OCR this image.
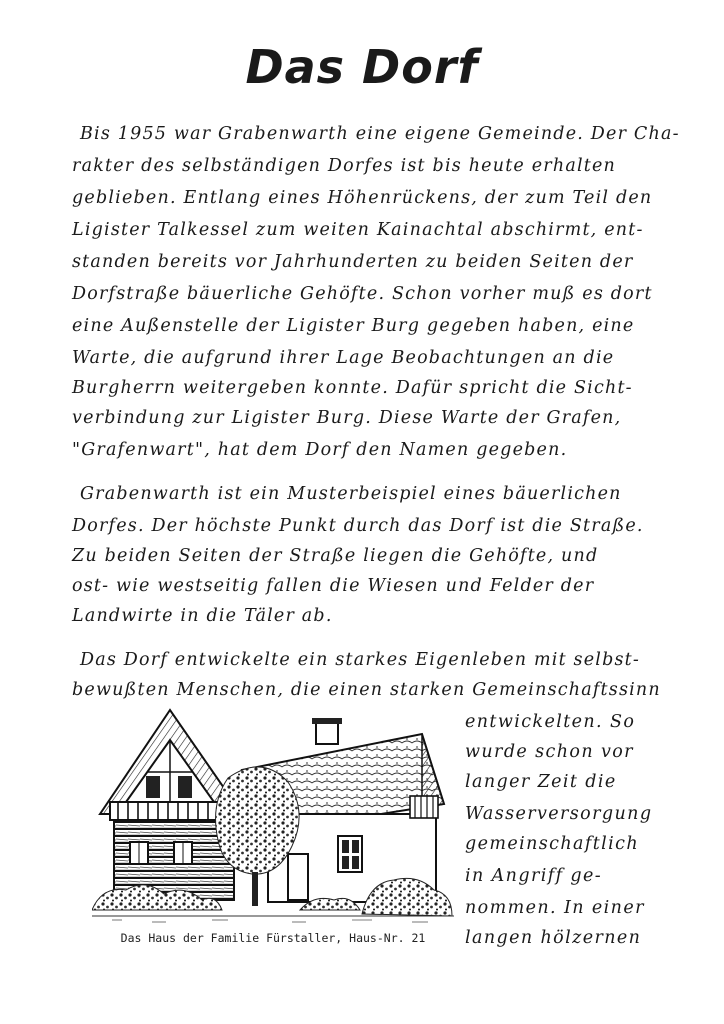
Das Dorf
Bis 1955 war Grabenwarth eine eigene Gemeinde. Der Cha-
rakter des selbständigen Dorfes ist bis heute erhalten
geblieben. Entlang eines Höhenrückens, der zum Teil den
Ligister Talkessel zum weiten Kainachtal abschirmt, ent-
standen bereits vor Jahrhunderten zu beiden Seiten der
Dorfstraße bäuerliche Gehöfte. Schon vorher muß es dort
eine Außenstelle der Ligister Burg gegeben haben, eine
Warte, die aufgrund ihrer Lage Beobachtungen an die
Burgherrn weitergeben konnte. Dafür spricht die Sicht-
verbindung zur Ligister Burg. Diese Warte der Grafen,
"Grafenwart", hat dem Dorf den Namen gegeben.
Grabenwarth ist ein Musterbeispiel eines bäuerlichen
Dorfes. Der höchste Punkt durch das Dorf ist die Straße.
Zu beiden Seiten der Straße liegen die Gehöfte, und
ost- wie westseitig fallen die Wiesen und Felder der
Landwirte in die Täler ab.
Das Dorf entwickelte ein starkes Eigenleben mit selbst-
bewußten Menschen, die einen starken Gemeinschaftssinn
entwickelten. So
wurde schon vor
langer Zeit die
Wasserversorgung
gemeinschaftlich
in Angriff ge-
nommen. In einer
langen hölzernen
Das Haus der Familie Fürstaller, Haus-Nr. 21
